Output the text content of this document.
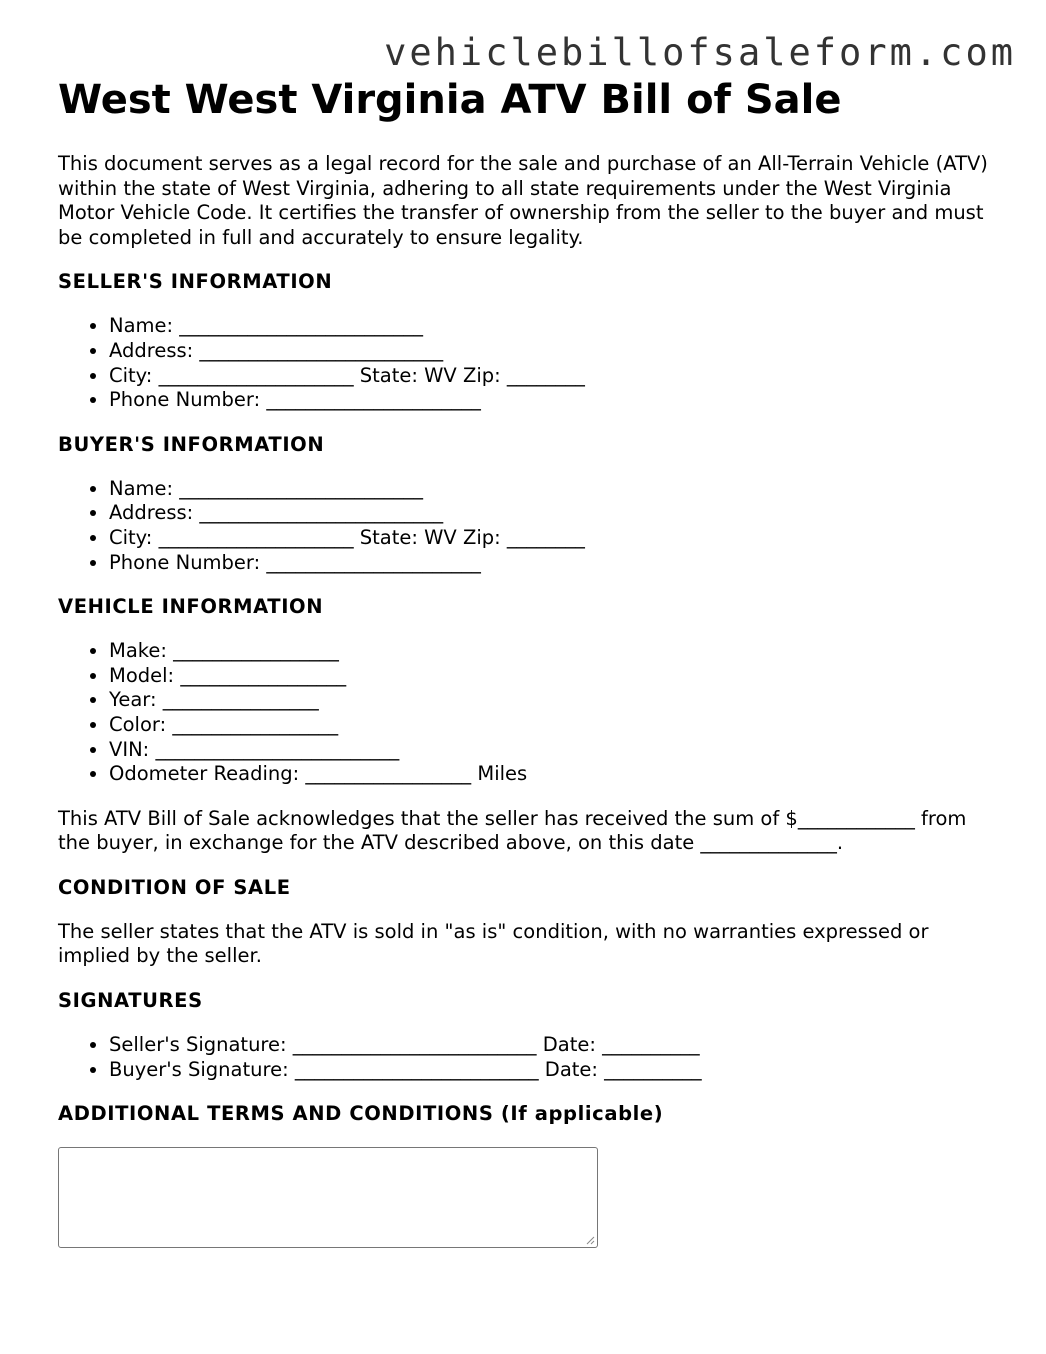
vehiclebillofsaleform.com
West West Virginia ATV Bill of Sale

This document serves as a legal record for the sale and purchase of an All-Terrain Vehicle (ATV) within the state of West Virginia, adhering to all state requirements under the West Virginia Motor Vehicle Code. It certifies the transfer of ownership from the seller to the buyer and must be completed in full and accurately to ensure legality.

SELLER'S INFORMATION
• Name: _________________________
• Address: _________________________
• City: ____________________ State: WV Zip: ________
• Phone Number: ______________________
BUYER'S INFORMATION
• Name: _________________________
• Address: _________________________
• City: ____________________ State: WV Zip: ________
• Phone Number: ______________________
VEHICLE INFORMATION
• Make: _________________
• Model: _________________
• Year: ________________
• Color: _________________
• VIN: _________________________
• Odometer Reading: _________________ Miles

This ATV Bill of Sale acknowledges that the seller has received the sum of $____________ from the buyer, in exchange for the ATV described above, on this date ______________.

CONDITION OF SALE

The seller states that the ATV is sold in "as is" condition, with no warranties expressed or implied by the seller.

SIGNATURES
• Seller's Signature: _________________________ Date: __________
• Buyer's Signature: _________________________ Date: __________
ADDITIONAL TERMS AND CONDITIONS (If applicable)
